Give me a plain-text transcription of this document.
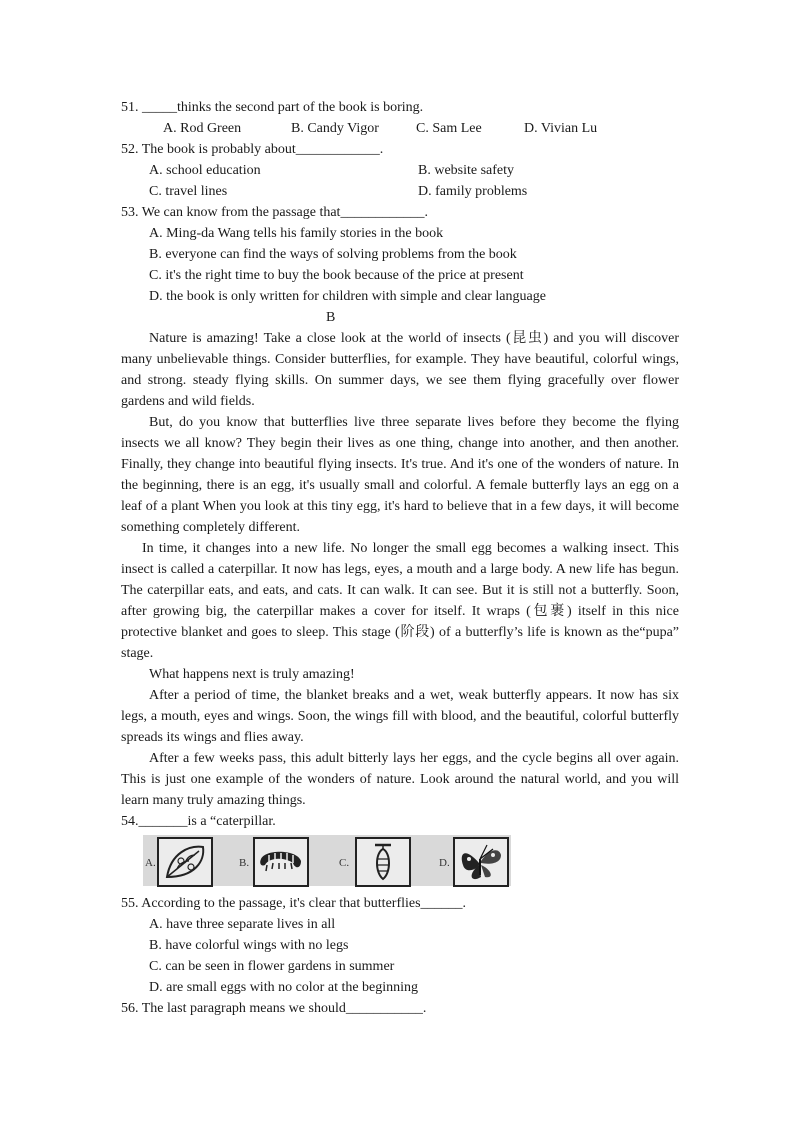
51. _____thinks the second part of the book is boring.
A. Rod Green	B. Candy Vigor	C. Sam Lee	D. Vivian Lu
52. The book is probably about____________.
A. school education	B. website safety
C. travel lines	D. family problems
53. We can know from the passage that____________.
A. Ming-da Wang tells his family stories in the book
B. everyone can find the ways of solving problems from the book
C. it's the right time to buy the book because of the price at present
D. the book is only written for children with simple and clear language
B
Nature is amazing! Take a close look at the world of insects (昆虫) and you will discover
many unbelievable things. Consider butterflies, for example. They have beautiful, colorful wings,
and strong. steady flying skills. On summer days, we see them flying gracefully over flower
gardens and wild fields.
But, do you know that butterflies live three separate lives before they become the flying
insects we all know? They begin their lives as one thing, change into another, and then another.
Finally, they change into beautiful flying insects. It's true. And it's one of the wonders of nature. In
the beginning, there is an egg, it's usually small and colorful. A female butterfly lays an egg on a
leaf of a plant When you look at this tiny egg, it's hard to believe that in a few days, it will become
something completely different.
In time, it changes into a new life. No longer the small egg becomes a walking insect. This
insect is called a caterpillar. It now has legs, eyes, a mouth and a large body. A new life has begun.
The caterpillar eats, and eats, and cats. It can walk. It can see. But it is still not a butterfly. Soon,
after growing big, the caterpillar makes a cover for itself. It wraps (包裹) itself in this nice
protective blanket and goes to sleep. This stage (阶段) of a butterfly’s life is known as the“pupa”
stage.
What happens next is truly amazing!
After a period of time, the blanket breaks and a wet, weak butterfly appears. It now has six
legs, a mouth, eyes and wings. Soon, the wings fill with blood, and the beautiful, colorful butterfly
spreads its wings and flies away.
After a few weeks pass, this adult bitterly lays her eggs, and the cycle begins all over again.
This is just one example of the wonders of nature. Look around the natural world, and you will
learn many truly amazing things.
54._______is a “caterpillar.
A.	B.	C.	D.
55. According to the passage, it's clear that butterflies______.
A. have three separate lives in all
B. have colorful wings with no legs
C. can be seen in flower gardens in summer
D. are small eggs with no color at the beginning
56. The last paragraph means we should___________.
